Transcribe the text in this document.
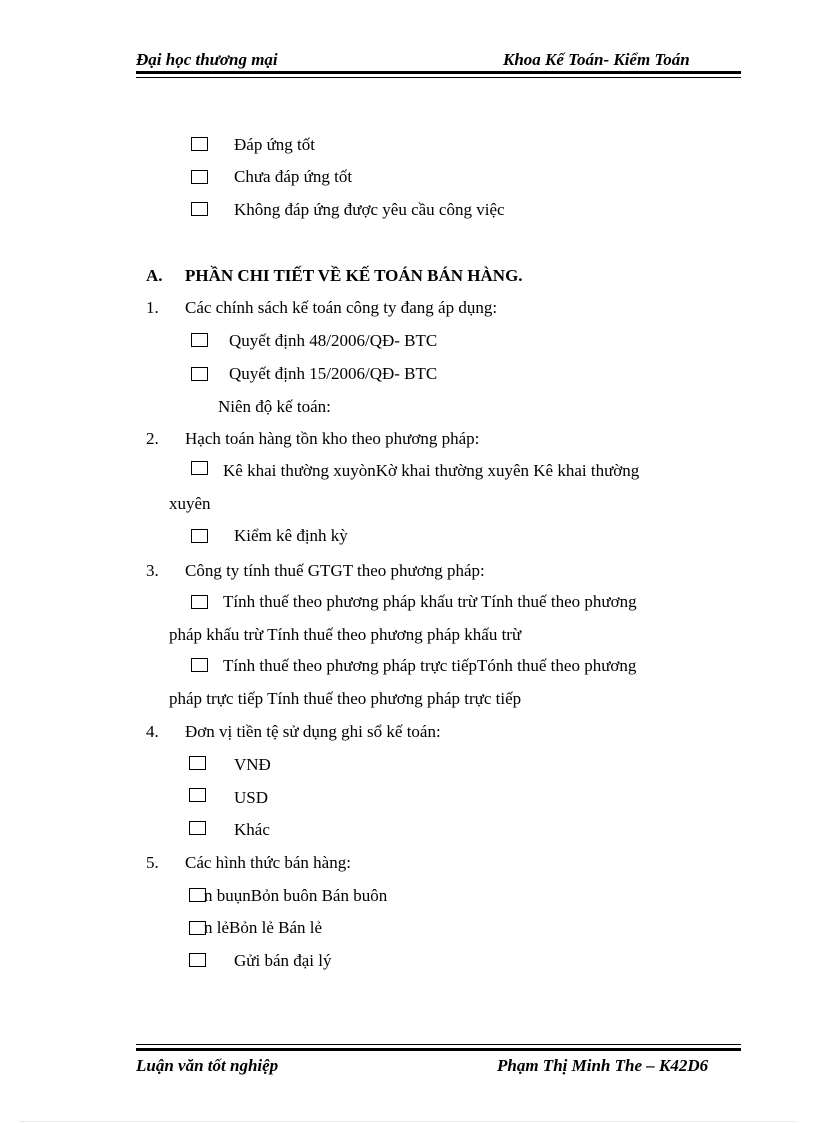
Đại học thương mại	Khoa Kế Toán- Kiểm Toán
Đáp ứng tốt
Chưa đáp ứng tốt
Không đáp ứng được yêu cầu công việc
A. PHẦN CHI TIẾT VỀ KẾ TOÁN BÁN HÀNG.
1. Các chính sách kế toán công ty đang áp dụng:
Quyết định 48/2006/QĐ- BTC
Quyết định 15/2006/QĐ- BTC
Niên độ kế toán:
2. Hạch toán hàng tồn kho theo phương pháp:
Kê khai thường xuyònKờ khai thường xuyên Kê khai thường
xuyên
Kiểm kê định kỳ
3. Công ty tính thuế GTGT theo phương pháp:
Tính thuế theo phương pháp khấu trừ Tính thuế theo phương
pháp khấu trừ Tính thuế theo phương pháp khấu trừ
Tính thuế theo phương pháp trực tiếpTónh thuế theo phương
pháp trực tiếp Tính thuế theo phương pháp trực tiếp
4. Đơn vị tiền tệ sử dụng ghi sổ kế toán:
VNĐ
USD
Khác
5. Các hình thức bán hàng:
n buụnBỏn buôn Bán buôn
n lẻBỏn lẻ Bán lẻ
Gửi bán đại lý
Luận văn tốt nghiệp	Phạm Thị Minh The – K42D6
